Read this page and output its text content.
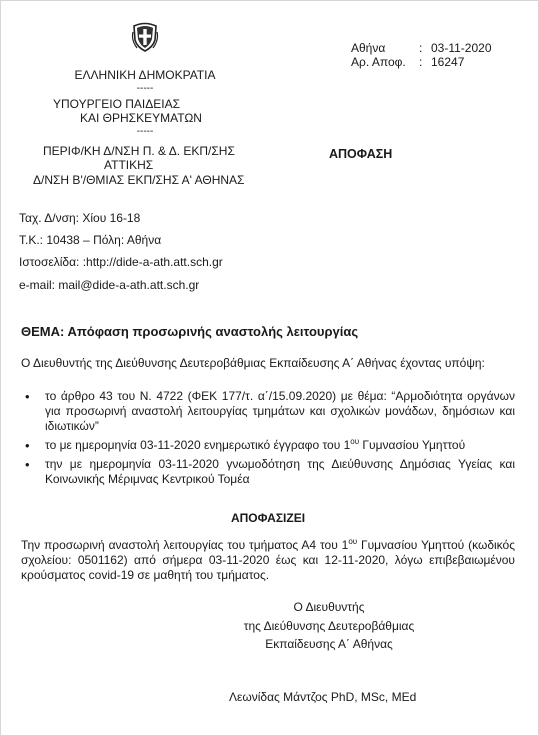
ΕΛΛΗΝΙΚΗ ΔΗΜΟΚΡΑΤΙΑ
-----
ΥΠΟΥΡΓΕΙΟ ΠΑΙΔΕΙΑΣ
ΚΑΙ ΘΡΗΣΚΕΥΜΑΤΩΝ
-----
ΠΕΡΙΦ/ΚΗ Δ/ΝΣΗ Π. & Δ. ΕΚΠ/ΣΗΣ
ΑΤΤΙΚΗΣ
Δ/ΝΣΗ Β'/ΘΜΙΑΣ ΕΚΠ/ΣΗΣ Α' ΑΘΗΝΑΣ
Αθήνα	: 03-11-2020
Αρ. Αποφ. : 16247
ΑΠΟΦΑΣΗ
Ταχ. Δ/νση: Χίου 16-18
Τ.Κ.: 10438 – Πόλη: Αθήνα
Ιστοσελίδα: :http://dide-a-ath.att.sch.gr
e-mail: mail@dide-a-ath.att.sch.gr
ΘΕΜΑ: Απόφαση προσωρινής αναστολής λειτουργίας
Ο Διευθυντής της Διεύθυνσης Δευτεροβάθμιας Εκπαίδευσης Α΄ Αθήνας έχοντας υπόψη:
• το άρθρο 43 του Ν. 4722 (ΦΕΚ 177/τ. α΄/15.09.2020) με θέμα: “Αρμοδιότητα οργάνων για προσωρινή αναστολή λειτουργίας τμημάτων και σχολικών μονάδων, δημόσιων και ιδιωτικών”
• το με ημερομηνία 03-11-2020 ενημερωτικό έγγραφο του $1^{o\upsilon}$ Γυμνασίου Υμηττού
• την με ημερομηνία 03-11-2020 γνωμοδότηση της Διεύθυνσης Δημόσιας Υγείας και Κοινωνικής Μέριμνας Κεντρικού Τομέα
ΑΠΟΦΑΣΙΖΕΙ
Την προσωρινή αναστολή λειτουργίας του τμήματος Α4 του $1^{o\upsilon}$ Γυμνασίου Υμηττού (κωδικός σχολείου: 0501162) από σήμερα 03-11-2020 έως και 12-11-2020, λόγω επιβεβαιωμένου κρούσματος covid-19 σε μαθητή του τμήματος.
Ο Διευθυντής
της Διεύθυνσης Δευτεροβάθμιας
Εκπαίδευσης Α΄ Αθήνας
Λεωνίδας Μάντζος PhD, MSc, MEd
